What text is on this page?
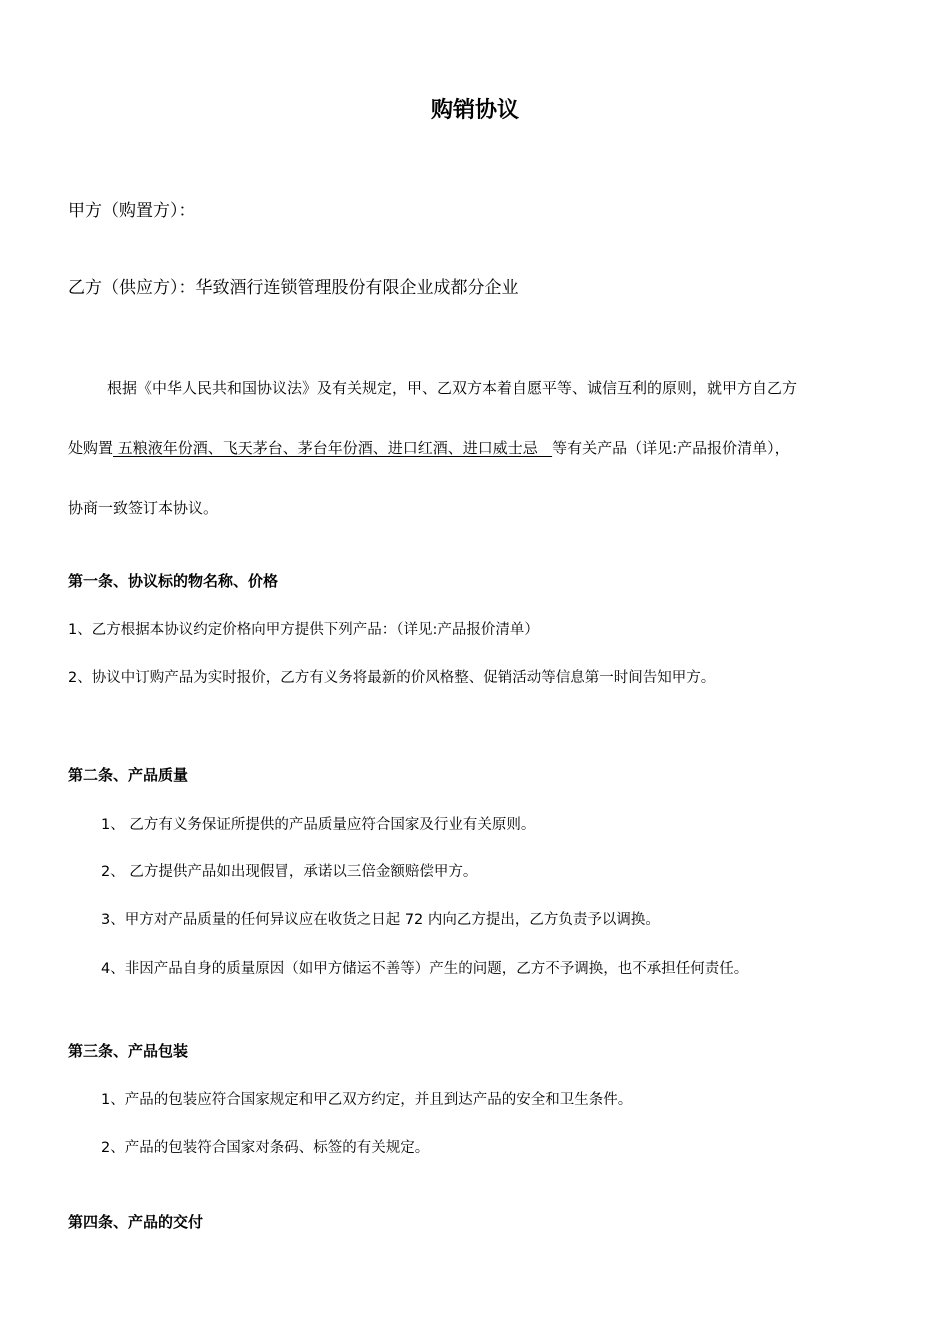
购销协议

甲方（购置方）：

乙方（供应方）：华致酒行连锁管理股份有限企业成都分企业

根据《中华人民共和国协议法》及有关规定，甲、乙双方本着自愿平等、诚信互利的原则，就甲方自乙方

处购置 五粮液年份酒、飞天茅台、茅台年份酒、进口红酒、进口威士忌   等有关产品（详见:产品报价清单），

协商一致签订本协议。

第一条、协议标的物名称、价格

1、乙方根据本协议约定价格向甲方提供下列产品：（详见:产品报价清单）

2、协议中订购产品为实时报价，乙方有义务将最新的价风格整、促销活动等信息第一时间告知甲方。

第二条、产品质量

1、 乙方有义务保证所提供的产品质量应符合国家及行业有关原则。

2、 乙方提供产品如出现假冒，承诺以三倍金额赔偿甲方。

3、甲方对产品质量的任何异议应在收货之日起 72 内向乙方提出，乙方负责予以调换。

4、非因产品自身的质量原因（如甲方储运不善等）产生的问题，乙方不予调换，也不承担任何责任。

第三条、产品包装

1、产品的包装应符合国家规定和甲乙双方约定，并且到达产品的安全和卫生条件。

2、产品的包装符合国家对条码、标签的有关规定。

第四条、产品的交付
